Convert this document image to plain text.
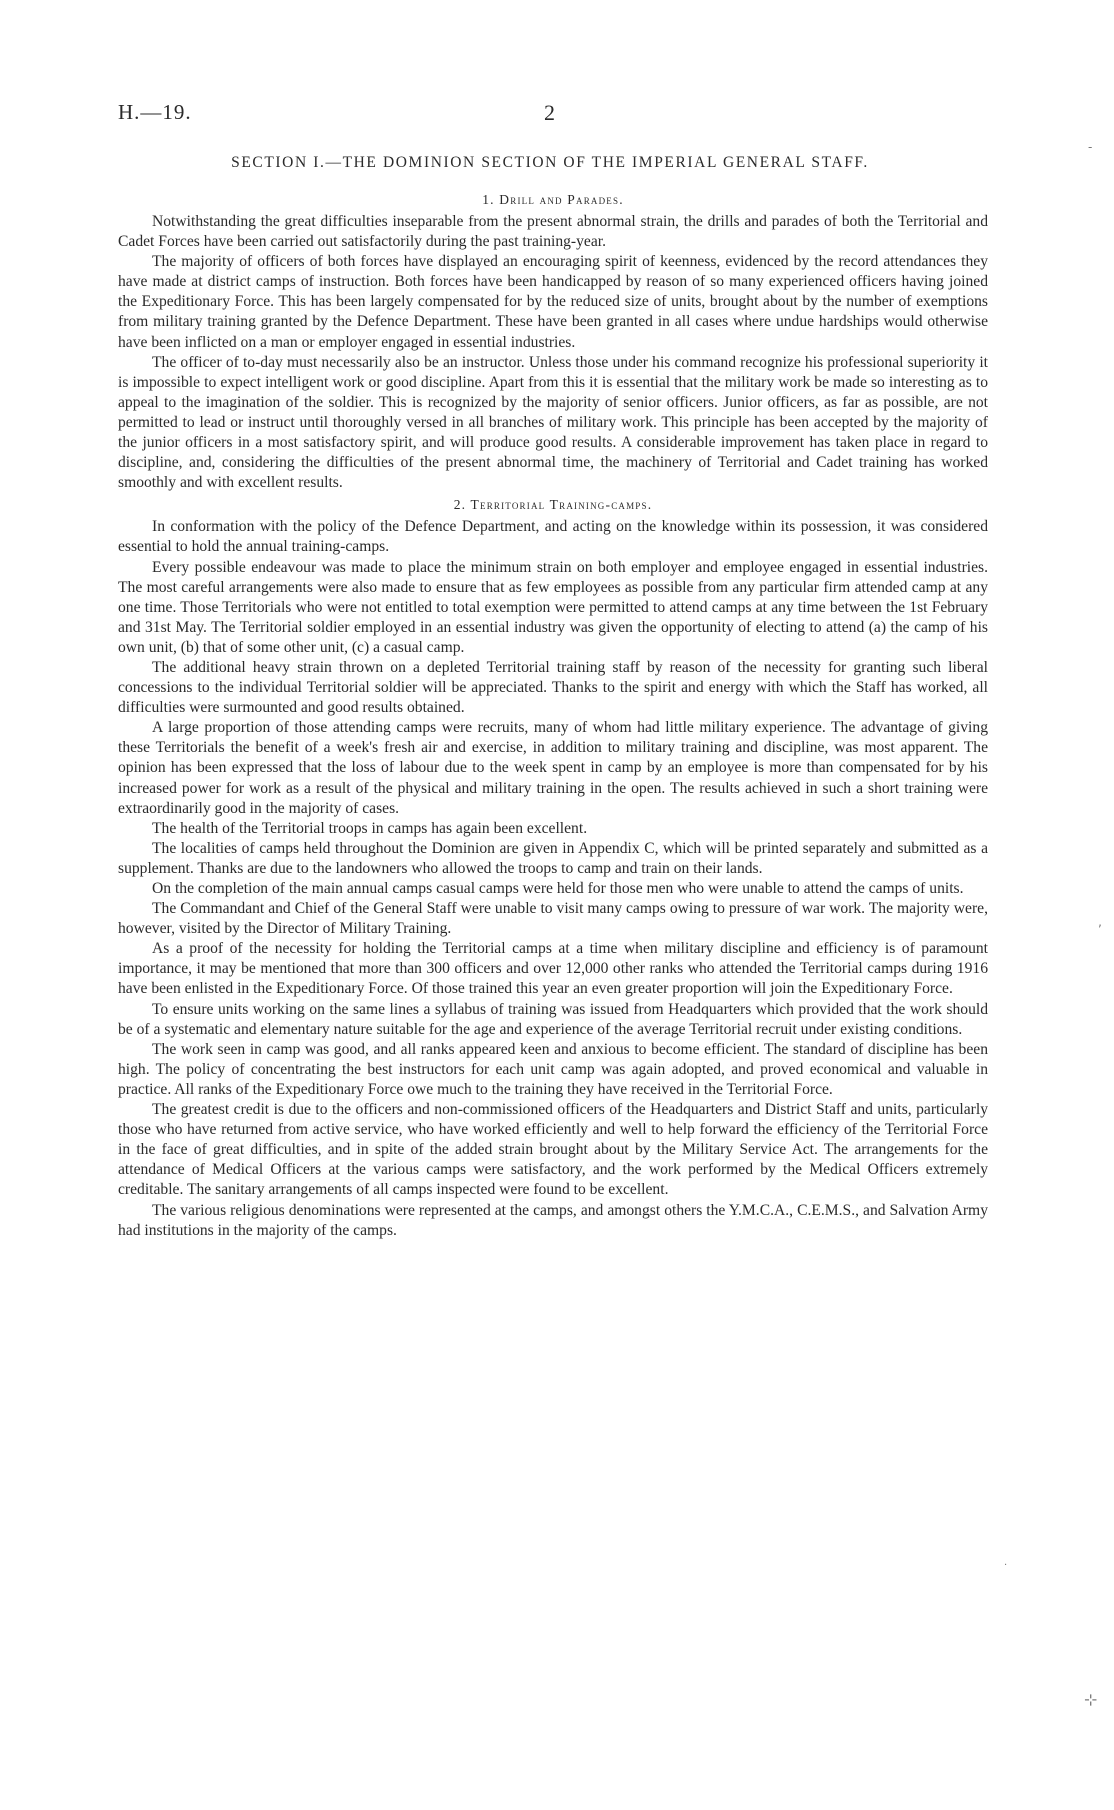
H.—19.	2
SECTION I.—THE DOMINION SECTION OF THE IMPERIAL GENERAL STAFF.
1. Drill and Parades.

Notwithstanding the great difficulties inseparable from the present abnormal strain, the drills and parades of both the Territorial and Cadet Forces have been carried out satisfactorily during the past training-year.

The majority of officers of both forces have displayed an encouraging spirit of keenness, evidenced by the record attendances they have made at district camps of instruction. Both forces have been handicapped by reason of so many experienced officers having joined the Expeditionary Force. This has been largely compensated for by the reduced size of units, brought about by the number of exemptions from military training granted by the Defence Department. These have been granted in all cases where undue hardships would otherwise have been inflicted on a man or employer engaged in essential industries.

The officer of to-day must necessarily also be an instructor. Unless those under his command recognize his professional superiority it is impossible to expect intelligent work or good discipline. Apart from this it is essential that the military work be made so interesting as to appeal to the imagination of the soldier. This is recognized by the majority of senior officers. Junior officers, as far as possible, are not permitted to lead or instruct until thoroughly versed in all branches of military work. This principle has been accepted by the majority of the junior officers in a most satisfactory spirit, and will produce good results. A considerable improvement has taken place in regard to discipline, and, considering the difficulties of the present abnormal time, the machinery of Territorial and Cadet training has worked smoothly and with excellent results.

2. Territorial Training-camps.

In conformation with the policy of the Defence Department, and acting on the knowledge within its possession, it was considered essential to hold the annual training-camps.

Every possible endeavour was made to place the minimum strain on both employer and employee engaged in essential industries. The most careful arrangements were also made to ensure that as few employees as possible from any particular firm attended camp at any one time. Those Territorials who were not entitled to total exemption were permitted to attend camps at any time between the 1st February and 31st May. The Territorial soldier employed in an essential industry was given the opportunity of electing to attend (a) the camp of his own unit, (b) that of some other unit, (c) a casual camp.

The additional heavy strain thrown on a depleted Territorial training staff by reason of the necessity for granting such liberal concessions to the individual Territorial soldier will be appreciated. Thanks to the spirit and energy with which the Staff has worked, all difficulties were surmounted and good results obtained.

A large proportion of those attending camps were recruits, many of whom had little military experience. The advantage of giving these Territorials the benefit of a week's fresh air and exercise, in addition to military training and discipline, was most apparent. The opinion has been expressed that the loss of labour due to the week spent in camp by an employee is more than compensated for by his increased power for work as a result of the physical and military training in the open. The results achieved in such a short training were extraordinarily good in the majority of cases.

The health of the Territorial troops in camps has again been excellent.

The localities of camps held throughout the Dominion are given in Appendix C, which will be printed separately and submitted as a supplement. Thanks are due to the landowners who allowed the troops to camp and train on their lands.

On the completion of the main annual camps casual camps were held for those men who were unable to attend the camps of units.

The Commandant and Chief of the General Staff were unable to visit many camps owing to pressure of war work. The majority were, however, visited by the Director of Military Training.

As a proof of the necessity for holding the Territorial camps at a time when military discipline and efficiency is of paramount importance, it may be mentioned that more than 300 officers and over 12,000 other ranks who attended the Territorial camps during 1916 have been enlisted in the Expeditionary Force. Of those trained this year an even greater proportion will join the Expeditionary Force.

To ensure units working on the same lines a syllabus of training was issued from Headquarters which provided that the work should be of a systematic and elementary nature suitable for the age and experience of the average Territorial recruit under existing conditions.

The work seen in camp was good, and all ranks appeared keen and anxious to become efficient. The standard of discipline has been high. The policy of concentrating the best instructors for each unit camp was again adopted, and proved economical and valuable in practice. All ranks of the Expeditionary Force owe much to the training they have received in the Territorial Force.

The greatest credit is due to the officers and non-commissioned officers of the Headquarters and District Staff and units, particularly those who have returned from active service, who have worked efficiently and well to help forward the efficiency of the Territorial Force in the face of great difficulties, and in spite of the added strain brought about by the Military Service Act. The arrangements for the attendance of Medical Officers at the various camps were satisfactory, and the work performed by the Medical Officers extremely creditable. The sanitary arrangements of all camps inspected were found to be excellent.

The various religious denominations were represented at the camps, and amongst others the Y.M.C.A., C.E.M.S., and Salvation Army had institutions in the majority of the camps.

-
‚
·
⊹
